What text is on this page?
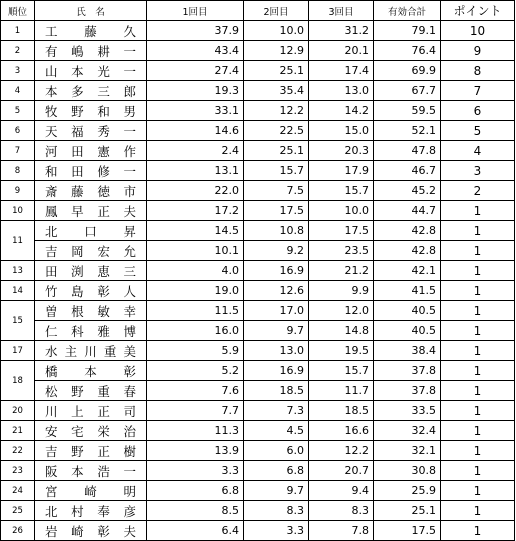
順位	氏　名	1回目	2回目	3回目	有効合計	ポイント
1	工 藤 久	37.9	10.0	31.2	79.1	10
2	有 嶋 耕 一	43.4	12.9	20.1	76.4	9
3	山 本 光 一	27.4	25.1	17.4	69.9	8
4	本 多 三 郎	19.3	35.4	13.0	67.7	7
5	牧 野 和 男	33.1	12.2	14.2	59.5	6
6	天 福 秀 一	14.6	22.5	15.0	52.1	5
7	河 田 憲 作	2.4	25.1	20.3	47.8	4
8	和 田 修 一	13.1	15.7	17.9	46.7	3
9	斎 藤 徳 市	22.0	7.5	15.7	45.2	2
10	鳳 早 正 夫	17.2	17.5	10.0	44.7	1
11	北 口 昇	14.5	10.8	17.5	42.8	1

	吉 岡 宏 允	10.1	9.2	23.5	42.8	1
13	田 渕 恵 三	4.0	16.9	21.2	42.1	1
14	竹 島 彰 人	19.0	12.6	9.9	41.5	1
15	曽 根 敏 幸	11.5	17.0	12.0	40.5	1

	仁 科 雅 博	16.0	9.7	14.8	40.5	1
17	水 主 川 重 美	5.9	13.0	19.5	38.4	1
18	橋 本 彰	5.2	16.9	15.7	37.8	1

	松 野 重 春	7.6	18.5	11.7	37.8	1
20	川 上 正 司	7.7	7.3	18.5	33.5	1
21	安 宅 栄 治	11.3	4.5	16.6	32.4	1
22	吉 野 正 樹	13.9	6.0	12.2	32.1	1
23	阪 本 浩 一	3.3	6.8	20.7	30.8	1
24	宮 崎 明	6.8	9.7	9.4	25.9	1
25	北 村 奉 彦	8.5	8.3	8.3	25.1	1
26	岩 崎 彰 夫	6.4	3.3	7.8	17.5	1
